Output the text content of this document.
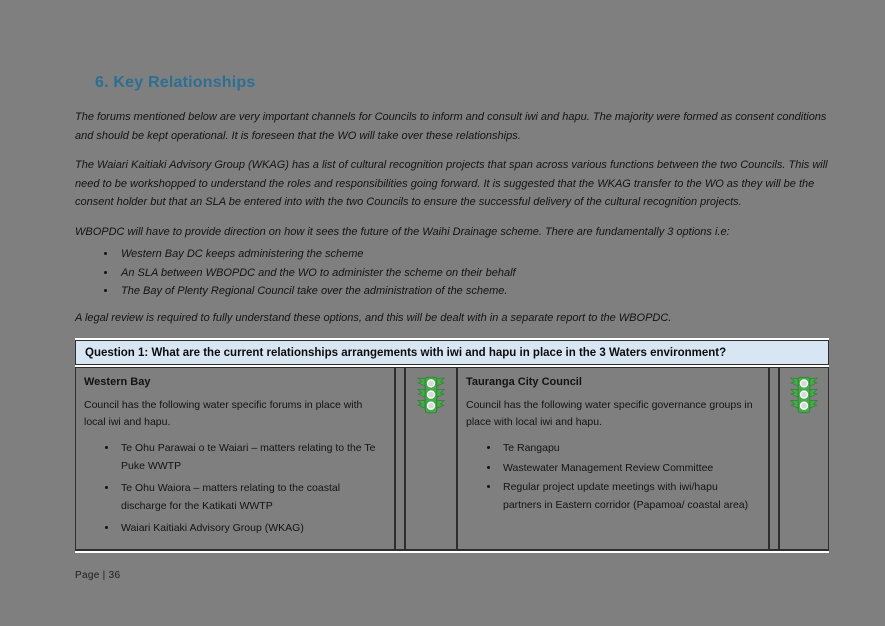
6. Key Relationships

The forums mentioned below are very important channels for Councils to inform and consult iwi and hapu. The majority were formed as consent conditions and should be kept operational. It is foreseen that the WO will take over these relationships.

The Waiari Kaitiaki Advisory Group (WKAG) has a list of cultural recognition projects that span across various functions between the two Councils. This will need to be workshopped to understand the roles and responsibilities going forward. It is suggested that the WKAG transfer to the WO as they will be the consent holder but that an SLA be entered into with the two Councils to ensure the successful delivery of the cultural recognition projects.

WBOPDC will have to provide direction on how it sees the future of the Waihi Drainage scheme. There are fundamentally 3 options i.e:

• Western Bay DC keeps administering the scheme
• An SLA between WBOPDC and the WO to administer the scheme on their behalf
• The Bay of Plenty Regional Council take over the administration of the scheme.

A legal review is required to fully understand these options, and this will be dealt with in a separate report to the WBOPDC.

Question 1: What are the current relationships arrangements with iwi and hapu in place in the 3 Waters environment?

Western Bay
Council has the following water specific forums in place with local iwi and hapu.
• Te Ohu Parawai o te Waiari – matters relating to the Te Puke WWTP
• Te Ohu Waiora – matters relating to the coastal discharge for the Katikati WWTP
• Waiari Kaitiaki Advisory Group (WKAG)

Tauranga City Council
Council has the following water specific governance groups in place with local iwi and hapu.
• Te Rangapu
• Wastewater Management Review Committee
• Regular project update meetings with iwi/hapu partners in Eastern corridor (Papamoa/ coastal area)

Page | 36
